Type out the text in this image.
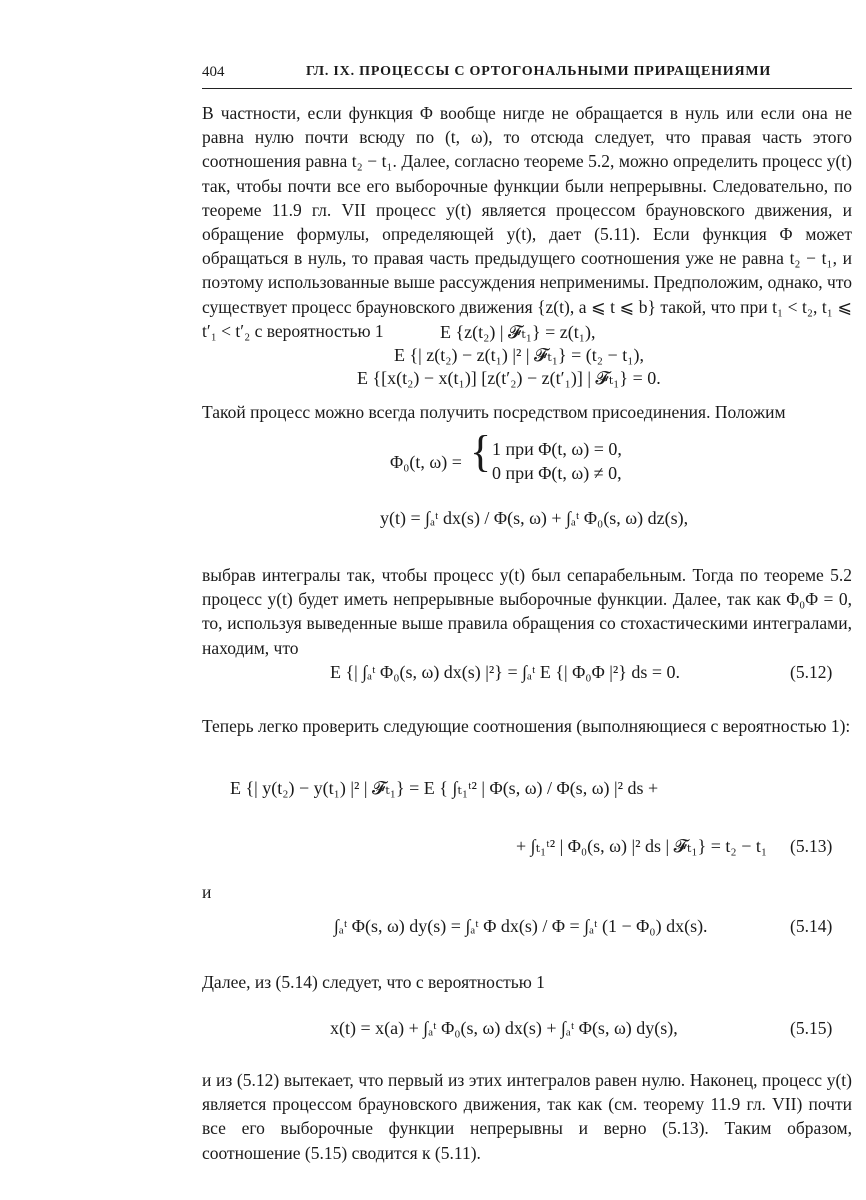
404	ГЛ. IX. ПРОЦЕССЫ С ОРТОГОНАЛЬНЫМИ ПРИРАЩЕНИЯМИ

В частности, если функция Φ вообще нигде не обращается в нуль или если она не равна нулю почти всюду по (t, ω), то отсюда следует, что правая часть этого соотношения равна t₂ − t₁. Далее, согласно теореме 5.2, можно определить процесс y(t) так, чтобы почти все его выборочные функции были непрерывны. Следовательно, по теореме 11.9 гл. VII процесс y(t) является процессом брауновского движения, и обращение формулы, определяющей y(t), дает (5.11). Если функция Φ может обращаться в нуль, то правая часть предыдущего соотношения уже не равна t₂ − t₁, и поэтому использованные выше рассуждения неприменимы. Предположим, однако, что существует процесс брауновского движения {z(t), a ⩽ t ⩽ b} такой, что при t₁ < t₂, t₁ ⩽ t′₁ < t′₂ с вероятностью 1	E {z(t₂) | 𝓕ₜ₁} = z(t₁),
E {| z(t₂) − z(t₁) |² | 𝓕ₜ₁} = (t₂ − t₁),
E {[x(t₂) − x(t₁)] [z(t′₂) − z(t′₁)] | 𝓕ₜ₁} = 0.

Такой процесс можно всегда получить посредством присоединения. Положим

Φ₀(t, ω) = { 1 при Φ(t, ω) = 0,
0 при Φ(t, ω) ≠ 0,
y(t) = ∫ₐᵗ dx(s) / Φ(s, ω) + ∫ₐᵗ Φ₀(s, ω) dz(s),

выбрав интегралы так, чтобы процесс y(t) был сепарабельным. Тогда по теореме 5.2 процесс y(t) будет иметь непрерывные выборочные функции. Далее, так как Φ₀Φ = 0, то, используя выведенные выше правила обращения со стохастическими интегралами, находим, что

E {| ∫ₐᵗ Φ₀(s, ω) dx(s) |²} = ∫ₐᵗ E {| Φ₀Φ |²} ds = 0.	(5.12)

Теперь легко проверить следующие соотношения (выполняющиеся с вероятностью 1):

E {| y(t₂) − y(t₁) |² | 𝓕ₜ₁} = E { ∫ₜ₁ᵗ² | Φ(s, ω) / Φ(s, ω) |² ds +
+ ∫ₜ₁ᵗ² | Φ₀(s, ω) |² ds | 𝓕ₜ₁} = t₂ − t₁ (5.13)
и
∫ₐᵗ Φ(s, ω) dy(s) = ∫ₐᵗ Φ dx(s) / Φ = ∫ₐᵗ (1 − Φ₀) dx(s).	(5.14)

Далее, из (5.14) следует, что с вероятностью 1

x(t) = x(a) + ∫ₐᵗ Φ₀(s, ω) dx(s) + ∫ₐᵗ Φ(s, ω) dy(s),	(5.15)

и из (5.12) вытекает, что первый из этих интегралов равен нулю. Наконец, процесс y(t) является процессом брауновского движения, так как (см. теорему 11.9 гл. VII) почти все его выборочные функции непрерывны и верно (5.13). Таким образом, соотношение (5.15) сводится к (5.11).
